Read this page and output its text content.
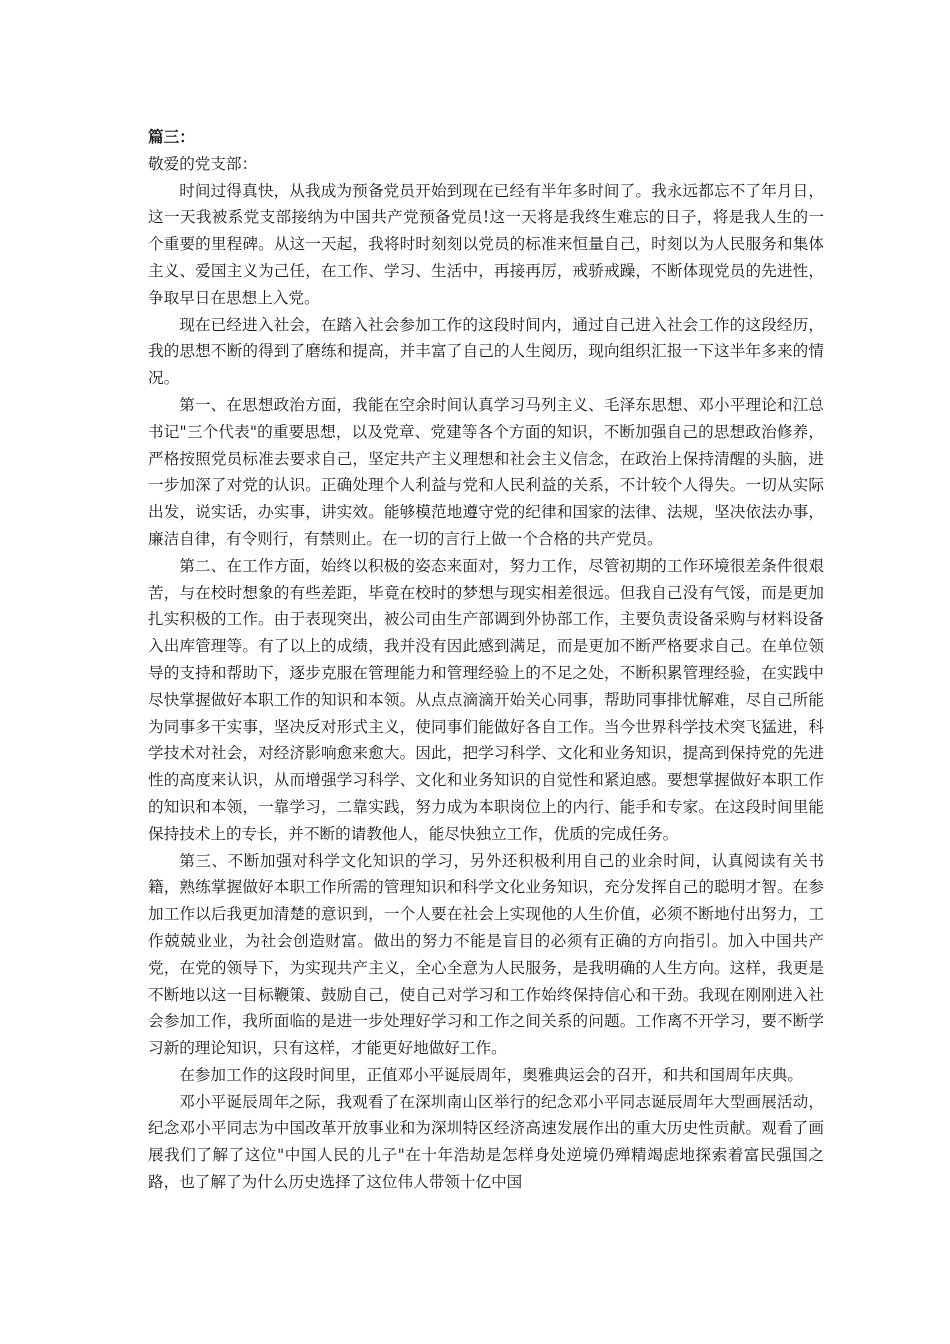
篇三：

敬爱的党支部：

时间过得真快，从我成为预备党员开始到现在已经有半年多时间了。我永远都忘不了年月日，这一天我被系党支部接纳为中国共产党预备党员!这一天将是我终生难忘的日子，将是我人生的一个重要的里程碑。从这一天起，我将时时刻刻以党员的标准来恒量自己，时刻以为人民服务和集体主义、爱国主义为己任，在工作、学习、生活中，再接再厉，戒骄戒躁，不断体现党员的先进性，争取早日在思想上入党。

现在已经进入社会，在踏入社会参加工作的这段时间内，通过自己进入社会工作的这段经历，我的思想不断的得到了磨练和提高，并丰富了自己的人生阅历，现向组织汇报一下这半年多来的情况。

第一、在思想政治方面，我能在空余时间认真学习马列主义、毛泽东思想、邓小平理论和江总书记"三个代表"的重要思想，以及党章、党建等各个方面的知识，不断加强自己的思想政治修养，严格按照党员标准去要求自己，坚定共产主义理想和社会主义信念，在政治上保持清醒的头脑，进一步加深了对党的认识。正确处理个人利益与党和人民利益的关系，不计较个人得失。一切从实际出发，说实话，办实事，讲实效。能够模范地遵守党的纪律和国家的法律、法规，坚决依法办事，廉洁自律，有令则行，有禁则止。在一切的言行上做一个合格的共产党员。

第二、在工作方面，始终以积极的姿态来面对，努力工作，尽管初期的工作环境很差条件很艰苦，与在校时想象的有些差距，毕竟在校时的梦想与现实相差很远。但我自己没有气馁，而是更加扎实积极的工作。由于表现突出，被公司由生产部调到外协部工作，主要负责设备采购与材料设备入出库管理等。有了以上的成绩，我并没有因此感到满足，而是更加不断严格要求自己。在单位领导的支持和帮助下，逐步克服在管理能力和管理经验上的不足之处，不断积累管理经验，在实践中尽快掌握做好本职工作的知识和本领。从点点滴滴开始关心同事，帮助同事排忧解难，尽自己所能为同事多干实事，坚决反对形式主义，使同事们能做好各自工作。当今世界科学技术突飞猛进，科学技术对社会，对经济影响愈来愈大。因此，把学习科学、文化和业务知识，提高到保持党的先进性的高度来认识，从而增强学习科学、文化和业务知识的自觉性和紧迫感。要想掌握做好本职工作的知识和本领，一靠学习，二靠实践，努力成为本职岗位上的内行、能手和专家。在这段时间里能保持技术上的专长，并不断的请教他人，能尽快独立工作，优质的完成任务。

第三、不断加强对科学文化知识的学习，另外还积极利用自己的业余时间，认真阅读有关书籍，熟练掌握做好本职工作所需的管理知识和科学文化业务知识，充分发挥自己的聪明才智。在参加工作以后我更加清楚的意识到，一个人要在社会上实现他的人生价值，必须不断地付出努力，工作兢兢业业，为社会创造财富。做出的努力不能是盲目的必须有正确的方向指引。加入中国共产党，在党的领导下，为实现共产主义，全心全意为人民服务，是我明确的人生方向。这样，我更是不断地以这一目标鞭策、鼓励自己，使自己对学习和工作始终保持信心和干劲。我现在刚刚进入社会参加工作，我所面临的是进一步处理好学习和工作之间关系的问题。工作离不开学习，要不断学习新的理论知识，只有这样，才能更好地做好工作。

在参加工作的这段时间里，正值邓小平诞辰周年，奥雅典运会的召开，和共和国周年庆典。

邓小平诞辰周年之际，我观看了在深圳南山区举行的纪念邓小平同志诞辰周年大型画展活动，纪念邓小平同志为中国改革开放事业和为深圳特区经济高速发展作出的重大历史性贡献。观看了画展我们了解了这位"中国人民的儿子"在十年浩劫是怎样身处逆境仍殚精竭虑地探索着富民强国之路，也了解了为什么历史选择了这位伟人带领十亿中国
